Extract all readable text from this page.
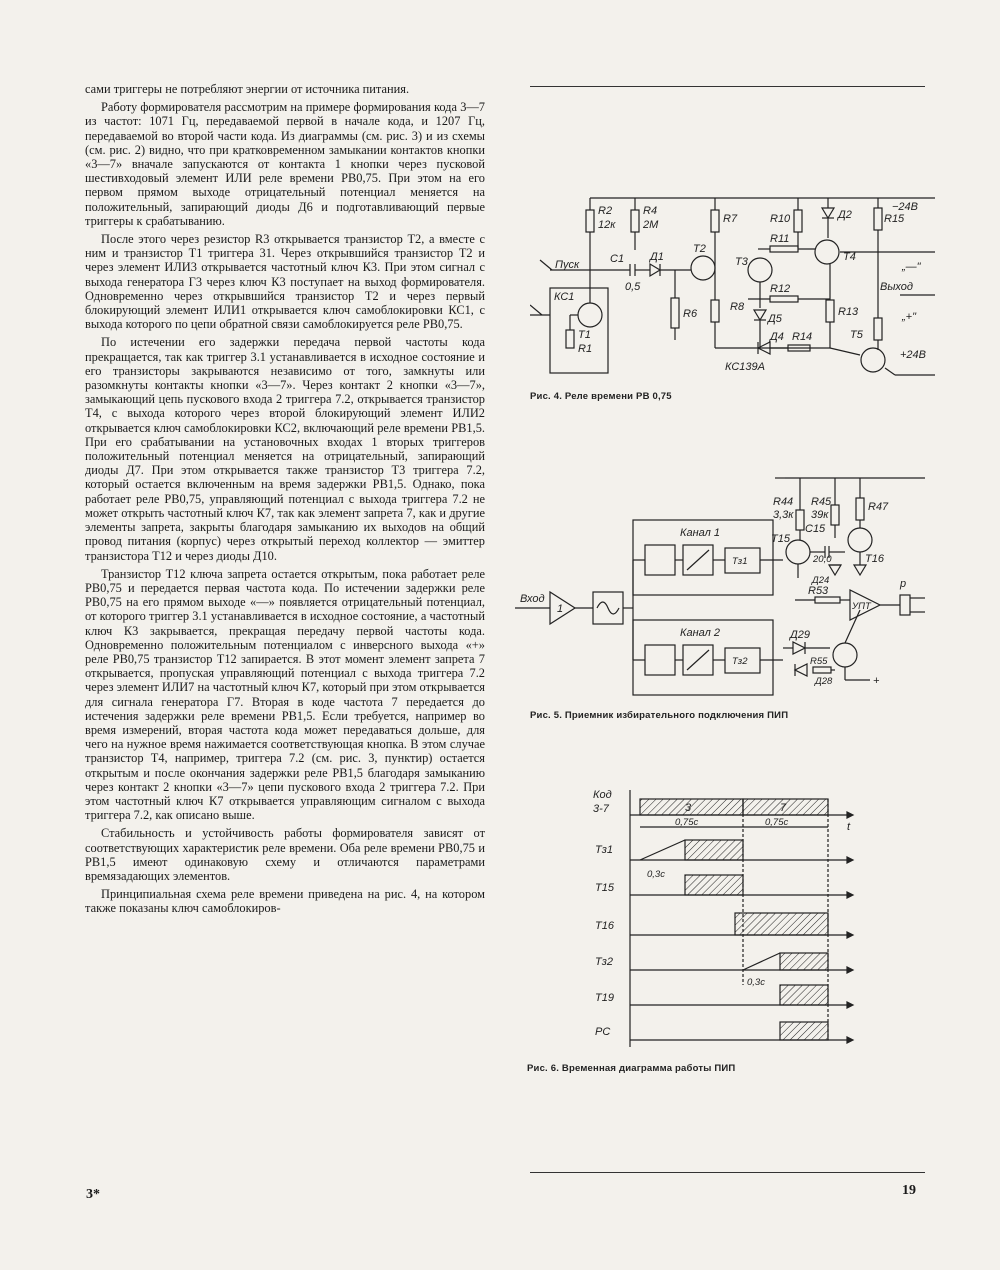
сами триггеры не потребляют энергии от источника питания.

Работу формирователя рассмотрим на примере формирования кода 3—7 из частот: 1071 Гц, передаваемой первой в начале кода, и 1207 Гц, передаваемой во второй части кода. Из диаграммы (см. рис. 3) и из схемы (см. рис. 2) видно, что при кратковременном замыкании контактов кнопки «3—7» вначале запускаются от контакта 1 кнопки через пусковой шестивходовый элемент ИЛИ реле времени РВ0,75. При этом на его первом прямом выходе отрицательный потенциал меняется на положительный, запирающий диоды Д6 и подготавливающий первые триггеры к срабатыванию.

После этого через резистор R3 открывается транзистор Т2, а вместе с ним и транзистор Т1 триггера 31. Через открывшийся транзистор Т2 и через элемент ИЛИ3 открывается частотный ключ К3. При этом сигнал с выхода генератора Г3 через ключ К3 поступает на выход формирователя. Одновременно через открывшийся транзистор Т2 и через первый блокирующий элемент ИЛИ1 открывается ключ самоблокировки КС1, с выхода которого по цепи обратной связи самоблокируется реле РВ0,75.

По истечении его задержки передача первой частоты кода прекращается, так как триггер 3.1 устанавливается в исходное состояние и его транзисторы закрываются независимо от того, замкнуты или разомкнуты контакты кнопки «3—7». Через контакт 2 кнопки «3—7», замыкающий цепь пускового входа 2 триггера 7.2, открывается транзистор Т4, с выхода которого через второй блокирующий элемент ИЛИ2 открывается ключ самоблокировки КС2, включающий реле времени РВ1,5. При его срабатывании на установочных входах 1 вторых триггеров положительный потенциал меняется на отрицательный, запирающий диоды Д7. При этом открывается также транзистор Т3 триггера 7.2, который остается включенным на время задержки РВ1,5. Однако, пока работает реле РВ0,75, управляющий потенциал с выхода триггера 7.2 не может открыть частотный ключ К7, так как элемент запрета 7, как и другие элементы запрета, закрыты благодаря замыканию их выходов на общий провод питания (корпус) через открытый переход коллектор — эмиттер транзистора Т12 и через диоды Д10.

Транзистор Т12 ключа запрета остается открытым, пока работает реле РВ0,75 и передается первая частота кода. По истечении задержки реле РВ0,75 на его прямом выходе «—» появляется отрицательный потенциал, от которого триггер 3.1 устанавливается в исходное состояние, а частотный ключ К3 закрывается, прекращая передачу первой частоты кода. Одновременно положительным потенциалом с инверсного выхода «+» реле РВ0,75 транзистор Т12 запирается. В этот момент элемент запрета 7 открывается, пропуская управляющий потенциал с выхода триггера 7.2 через элемент ИЛИ7 на частотный ключ К7, который при этом открывается для сигнала генератора Г7. Вторая в коде частота 7 передается до истечения задержки реле времени РВ1,5. Если требуется, например во время измерений, вторая частота кода может передаваться дольше, для чего на нужное время нажимается соответствующая кнопка. В этом случае транзистор Т4, например, триггера 7.2 (см. рис. 3, пунктир) остается открытым и после окончания задержки реле РВ1,5 благодаря замыканию через контакт 2 кнопки «3—7» цепи пускового входа 2 триггера 7.2. При этом частотный ключ К7 открывается управляющим сигналом с выхода триггера 7.2, как описано выше.

Стабильность и устойчивость работы формирователя зависят от соответствующих характеристик реле времени. Оба реле времени РВ0,75 и РВ1,5 имеют одинаковую схему и отличаются параметрами времязадающих элементов.

Принципиальная схема реле времени приведена на рис. 4, на котором также показаны ключ самоблокиров-

R2
12к
R4
2М	R7	R10	Д2	R15
−24В
R11
Т4
Т3
Т2
Пуск	С1
0,5
Д1
КС1
Т1
R1
R6
R8
R12
Д5
R13
Т5
Д4 R14
КС139А
„—"
Выход
„+"
+24В
Рис. 4. Реле времени РВ 0,75
Вход
1
Канал 1
Канал 2
Тз1
Тз2
R44
3,3к
R45
39к
R47
С15
20,0
Т15
Т16
Д24
R53
УПТ
р
Д29
Д28
R55
+
Рис. 5. Приемник избирательного подключения ПИП
Код
3-7
Тз1
Т15
Т16
Тз2
Т19
РС
3	7
0,75с	0,75с
0,3с
0,3с
t
Рис. 6. Временная диаграмма работы ПИП
3*	19
